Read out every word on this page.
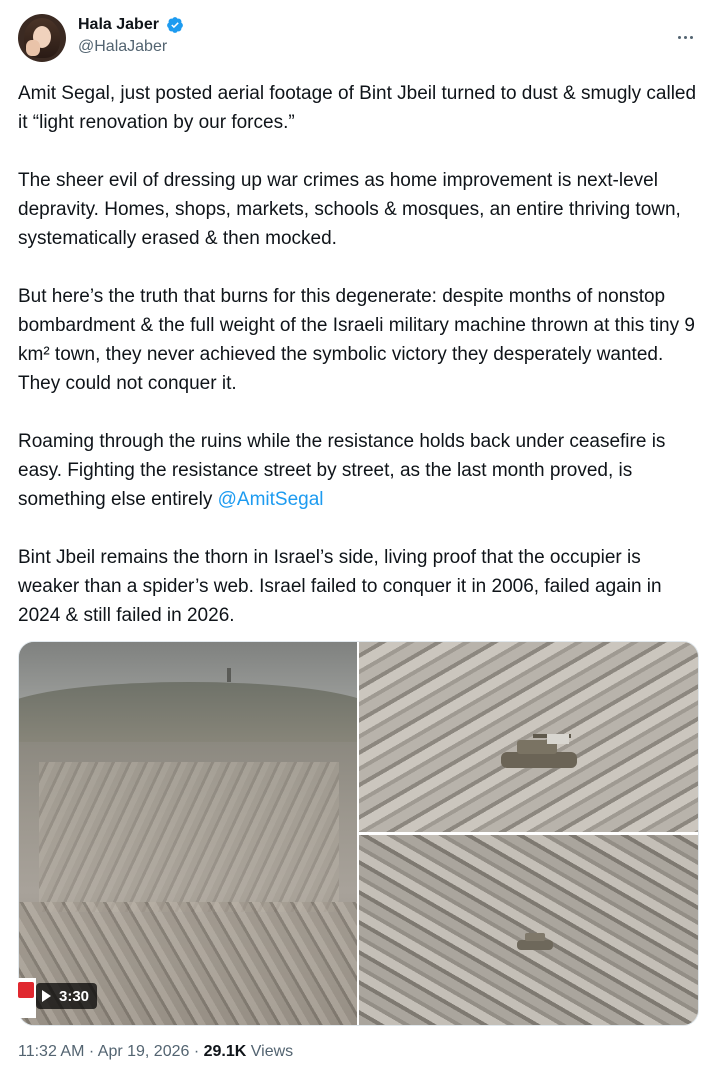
Hala Jaber
@HalaJaber

Amit Segal, just posted aerial footage of Bint Jbeil turned to dust & smugly called it “light renovation by our forces.”

The sheer evil of dressing up war crimes as home improvement is next-level depravity. Homes, shops, markets, schools & mosques, an entire thriving town, systematically erased & then mocked.

But here’s the truth that burns for this degenerate: despite months of nonstop bombardment & the full weight of the Israeli military machine thrown at this tiny 9 km² town, they never achieved the symbolic victory they desperately wanted. They could not conquer it.

Roaming through the ruins while the resistance holds back under ceasefire is easy. Fighting the resistance street by street, as the last month proved, is something else entirely @AmitSegal

Bint Jbeil remains the thorn in Israel’s side, living proof that the occupier is weaker than a spider’s web. Israel failed to conquer it in 2006, failed again in 2024 & still failed in 2026.

3:30
11:32 AM · Apr 19, 2026 · 29.1K Views
